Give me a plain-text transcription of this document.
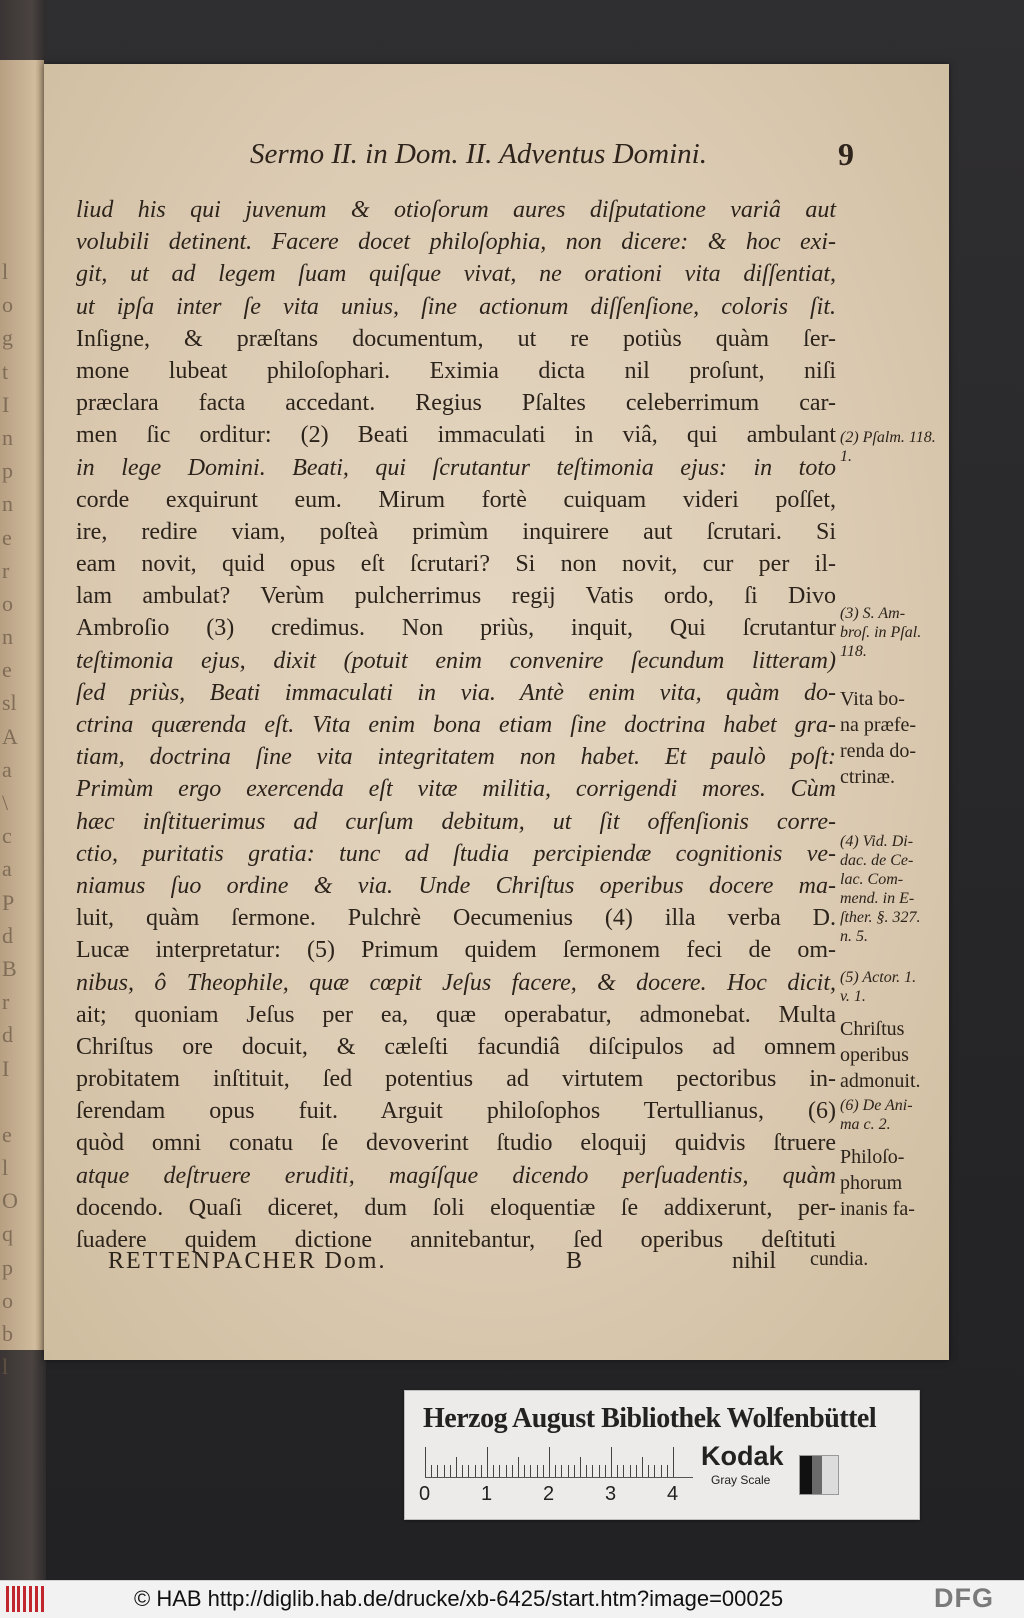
l
o
g
t
I
n
p
n
e
r
o
n
e
sl
A
a
\
c
a
P
d
B
r
d
I
e
l
O
q
p
o
b
l
Sermo II. in Dom. II. Adventus Domini.	9
liud his qui juvenum & otioſorum aures diſputatione variâ aut
volubili detinent. Facere docet philoſophia, non dicere: & hoc exi-
git, ut ad legem ſuam quiſque vivat, ne orationi vita diſſentiat,
ut ipſa inter ſe vita unius, ſine actionum diſſenſione, coloris ſit.
Inſigne, & præſtans documentum, ut re potiùs quàm ſer-
mone lubeat philoſophari. Eximia dicta nil proſunt, niſi
præclara facta accedant. Regius Pſaltes celeberrimum car-
men ſic orditur: (2) Beati immaculati in viâ, qui ambulant
in lege Domini. Beati, qui ſcrutantur teſtimonia ejus: in toto
corde exquirunt eum. Mirum fortè cuiquam videri poſſet,
ire, redire viam, poſteà primùm inquirere aut ſcrutari. Si
eam novit, quid opus eſt ſcrutari? Si non novit, cur per il-
lam ambulat? Verùm pulcherrimus regij Vatis ordo, ſi Divo
Ambroſio (3) credimus. Non priùs, inquit, Qui ſcrutantur
teſtimonia ejus, dixit (potuit enim convenire ſecundum litteram)
ſed priùs, Beati immaculati in via. Antè enim vita, quàm do-
ctrina quærenda eſt. Vita enim bona etiam ſine doctrina habet gra-
tiam, doctrina ſine vita integritatem non habet. Et paulò poſt:
Primùm ergo exercenda eſt vitæ militia, corrigendi mores. Cùm
hæc inſtituerimus ad curſum debitum, ut ſit offenſionis corre-
ctio, puritatis gratia: tunc ad ſtudia percipiendæ cognitionis ve-
niamus ſuo ordine & via. Unde Chriſtus operibus docere ma-
luit, quàm ſermone. Pulchrè Oecumenius (4) illa verba D.
Lucæ interpretatur: (5) Primum quidem ſermonem feci de om-
nibus, ô Theophile, quæ cœpit Jeſus facere, & docere. Hoc dicit,
ait; quoniam Jeſus per ea, quæ operabatur, admonebat. Multa
Chriſtus ore docuit, & cæleſti facundiâ diſcipulos ad omnem
probitatem inſtituit, ſed potentius ad virtutem pectoribus in-
ſerendam opus fuit. Arguit philoſophos Tertullianus, (6)
quòd omni conatu ſe devoverint ſtudio eloquij quidvis ſtruere
atque deſtruere eruditi, magíſque dicendo perſuadentis, quàm
docendo. Quaſi diceret, dum ſoli eloquentiæ ſe addixerunt, per-
ſuadere quidem dictione annitebantur, ſed operibus deſtituti
(2) Pſalm. 118. 1.
(3) S. Am-
broſ. in Pſal.
118.
Vita bo-
na præfe-
renda do-
ctrinæ.
(4) Vid. Di-
dac. de Ce-
lac. Com-
mend. in E-
ſther. §. 327.
n. 5.
(5) Actor. 1.
v. 1.
Chriſtus
operibus
admonuit.
(6) De Ani-
ma c. 2.
Philoſo-
phorum
inanis fa-
RETTENPACHER Dom.	B	nihil cundia.
Herzog August Bibliothek Wolfenbüttel
0	1	2	3	4
Kodak
Gray Scale
© HAB http://diglib.hab.de/drucke/xb-6425/start.htm?image=00025	DFG
